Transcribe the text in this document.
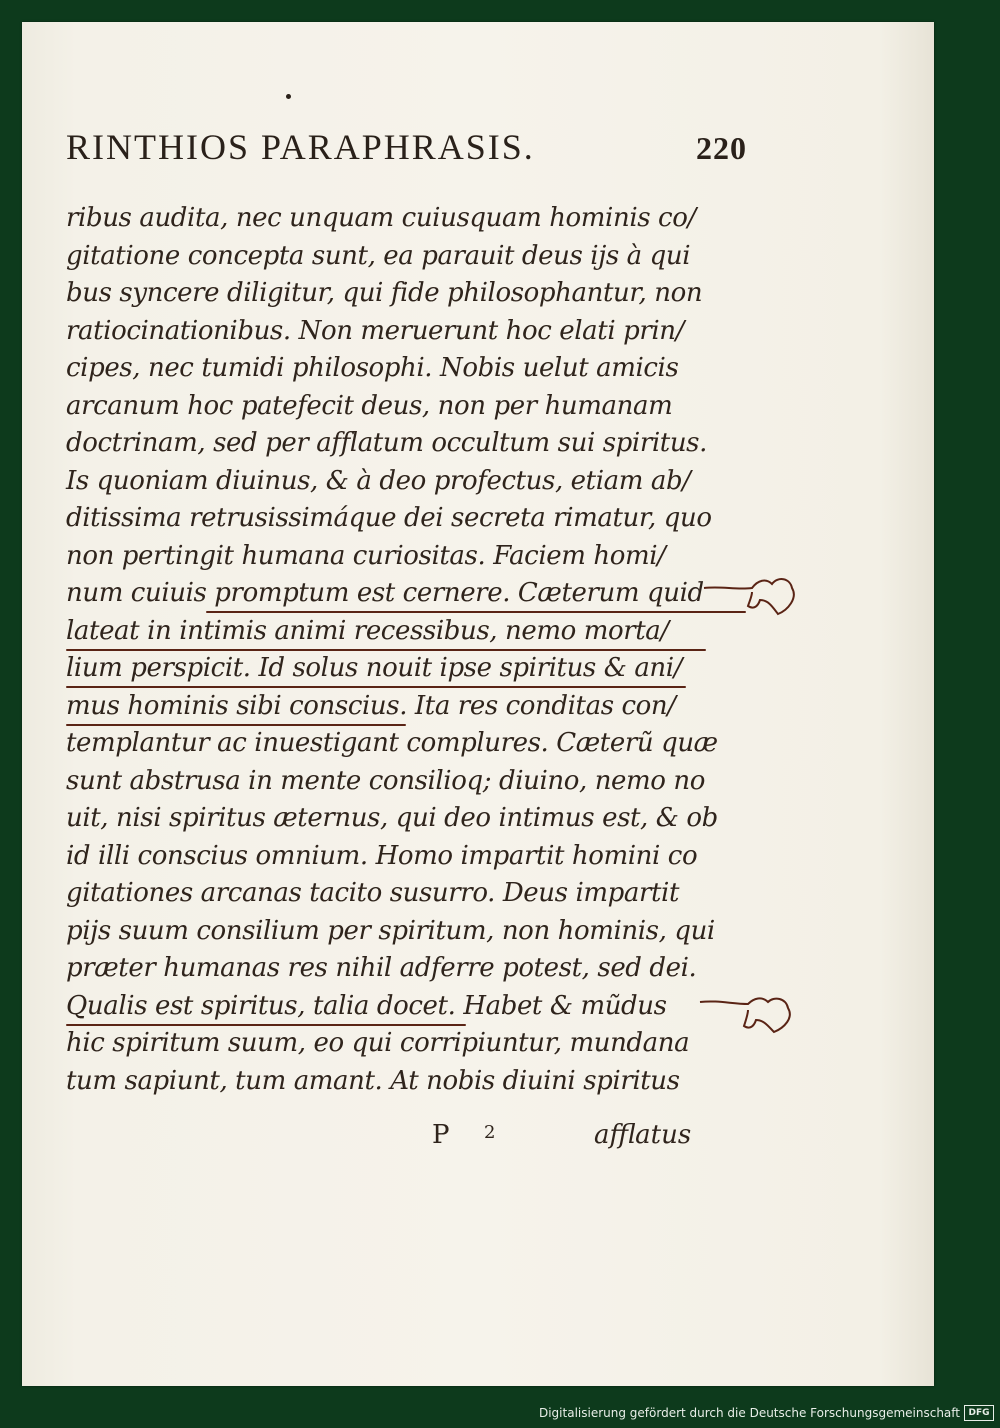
RINTHIOS PARAPHRASIS.	220
ribus audita, nec unquam cuiusquam hominis co/
gitatione concepta sunt, ea parauit deus ijs à qui
bus syncere diligitur, qui fide philosophantur, non
ratiocinationibus. Non meruerunt hoc elati prin/
cipes, nec tumidi philosophi. Nobis uelut amicis
arcanum hoc patefecit deus, non per humanam
doctrinam, sed per afflatum occultum sui spiritus.
Is quoniam diuinus, & à deo profectus, etiam ab/
ditissima retrusissimáque dei secreta rimatur, quo
non pertingit humana curiositas. Faciem homi/
num cuiuis promptum est cernere. Cæterum quid
lateat in intimis animi recessibus, nemo morta/
lium perspicit. Id solus nouit ipse spiritus & ani/
mus hominis sibi conscius. Ita res conditas con/
templantur ac inuestigant complures. Cæterũ quæ
sunt abstrusa in mente consilioq; diuino, nemo no
uit, nisi spiritus æternus, qui deo intimus est, & ob
id illi conscius omnium. Homo impartit homini co
gitationes arcanas tacito susurro. Deus impartit
pijs suum consilium per spiritum, non hominis, qui
præter humanas res nihil adferre potest, sed dei.
Qualis est spiritus, talia docet. Habet & mũdus
hic spiritum suum, eo qui corripiuntur, mundana
tum sapiunt, tum amant. At nobis diuini spiritus
P 2	afflatus
Digitalisierung gefördert durch die Deutsche Forschungsgemeinschaft DFG
